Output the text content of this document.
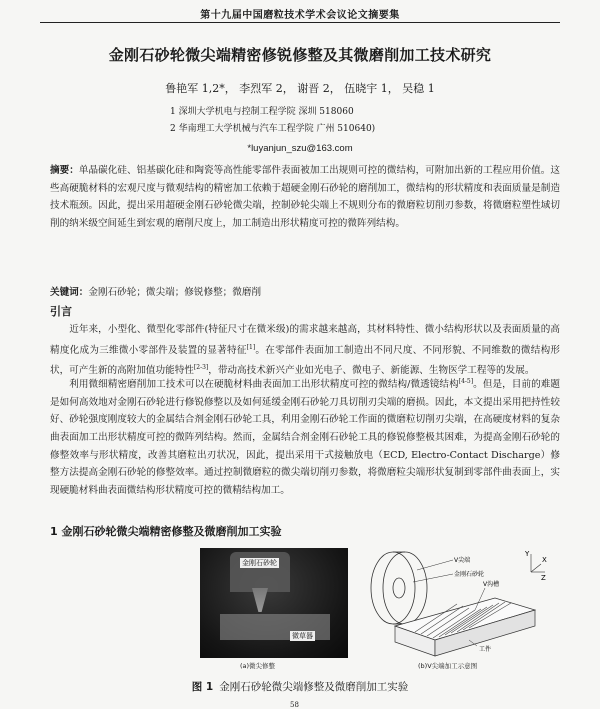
第十九届中国磨粒技术学术会议论文摘要集
金刚石砂轮微尖端精密修锐修整及其微磨削加工技术研究
鲁艳军 1,2*， 李烈军 2， 谢晋 2， 伍晓宇 1， 吴稳 1
1 深圳大学机电与控制工程学院 深圳 518060
2 华南理工大学机械与汽车工程学院 广州 510640)
*luyanjun_szu@163.com
摘要：单晶碳化硅、铝基碳化硅和陶瓷等高性能零部件表面被加工出规则可控的微结构，可附加出新的工程应用价值。这些高硬脆材料的宏观尺度与微观结构的精密加工依赖于超硬金刚石砂轮的磨削加工，微结构的形状精度和表面质量是制造技术瓶颈。因此，提出采用超硬金刚石砂轮微尖端，控制砂轮尖端上不规则分布的微磨粒切削刃参数，将微磨粒塑性域切削的纳米级空间延生到宏观的磨削尺度上，加工制造出形状精度可控的微阵列结构。
关键词：金刚石砂轮；微尖端；修锐修整；微磨削
引言
近年来，小型化、微型化零部件(特征尺寸在微米级)的需求越来越高，其材料特性、微小结构形状以及表面质量的高精度化成为三维微小零部件及装置的显著特征[1]。在零部件表面加工制造出不同尺度、不同形貌、不同维数的微结构形状，可产生新的高附加值功能特性[2-3]，带动高技术新兴产业如光电子、微电子、新能源、生物医学工程等的发展。
利用微细精密磨削加工技术可以在硬脆材料曲表面加工出形状精度可控的微结构/微透镜结构[4-5]。但是，目前的难题是如何高效地对金刚石砂轮进行修锐修整以及如何延缓金刚石砂轮刀具切削刃尖端的磨损。因此，本文提出采用把持性较好、砂轮强度刚度较大的金属结合剂金刚石砂轮工具，利用金刚石砂轮工作面的微磨粒切削刃尖端，在高硬度材料的复杂曲表面加工出形状精度可控的微阵列结构。然而，金属结合剂金刚石砂轮工具的修锐修整极其困难，为提高金刚石砂轮的修整效率与形状精度，改善其磨粒出刃状况，因此，提出采用干式接触放电（ECD, Electro-Contact Discharge）修整方法提高金刚石砂轮的修整效率。通过控制微磨粒的微尖端切削刃参数，将微磨粒尖端形状复制到零部件曲表面上，实现硬脆材料曲表面微结构形状精度可控的微精结构加工。
1 金刚石砂轮微尖端精密修整及微磨削加工实验
金刚石砂轮
微草器
(a)微尖修整
V尖端
金刚石砂轮
V沟槽
工件
Y
X
Z
(b)V尖端加工示意图
图 1 金刚石砂轮微尖端修整及微磨削加工实验
58
